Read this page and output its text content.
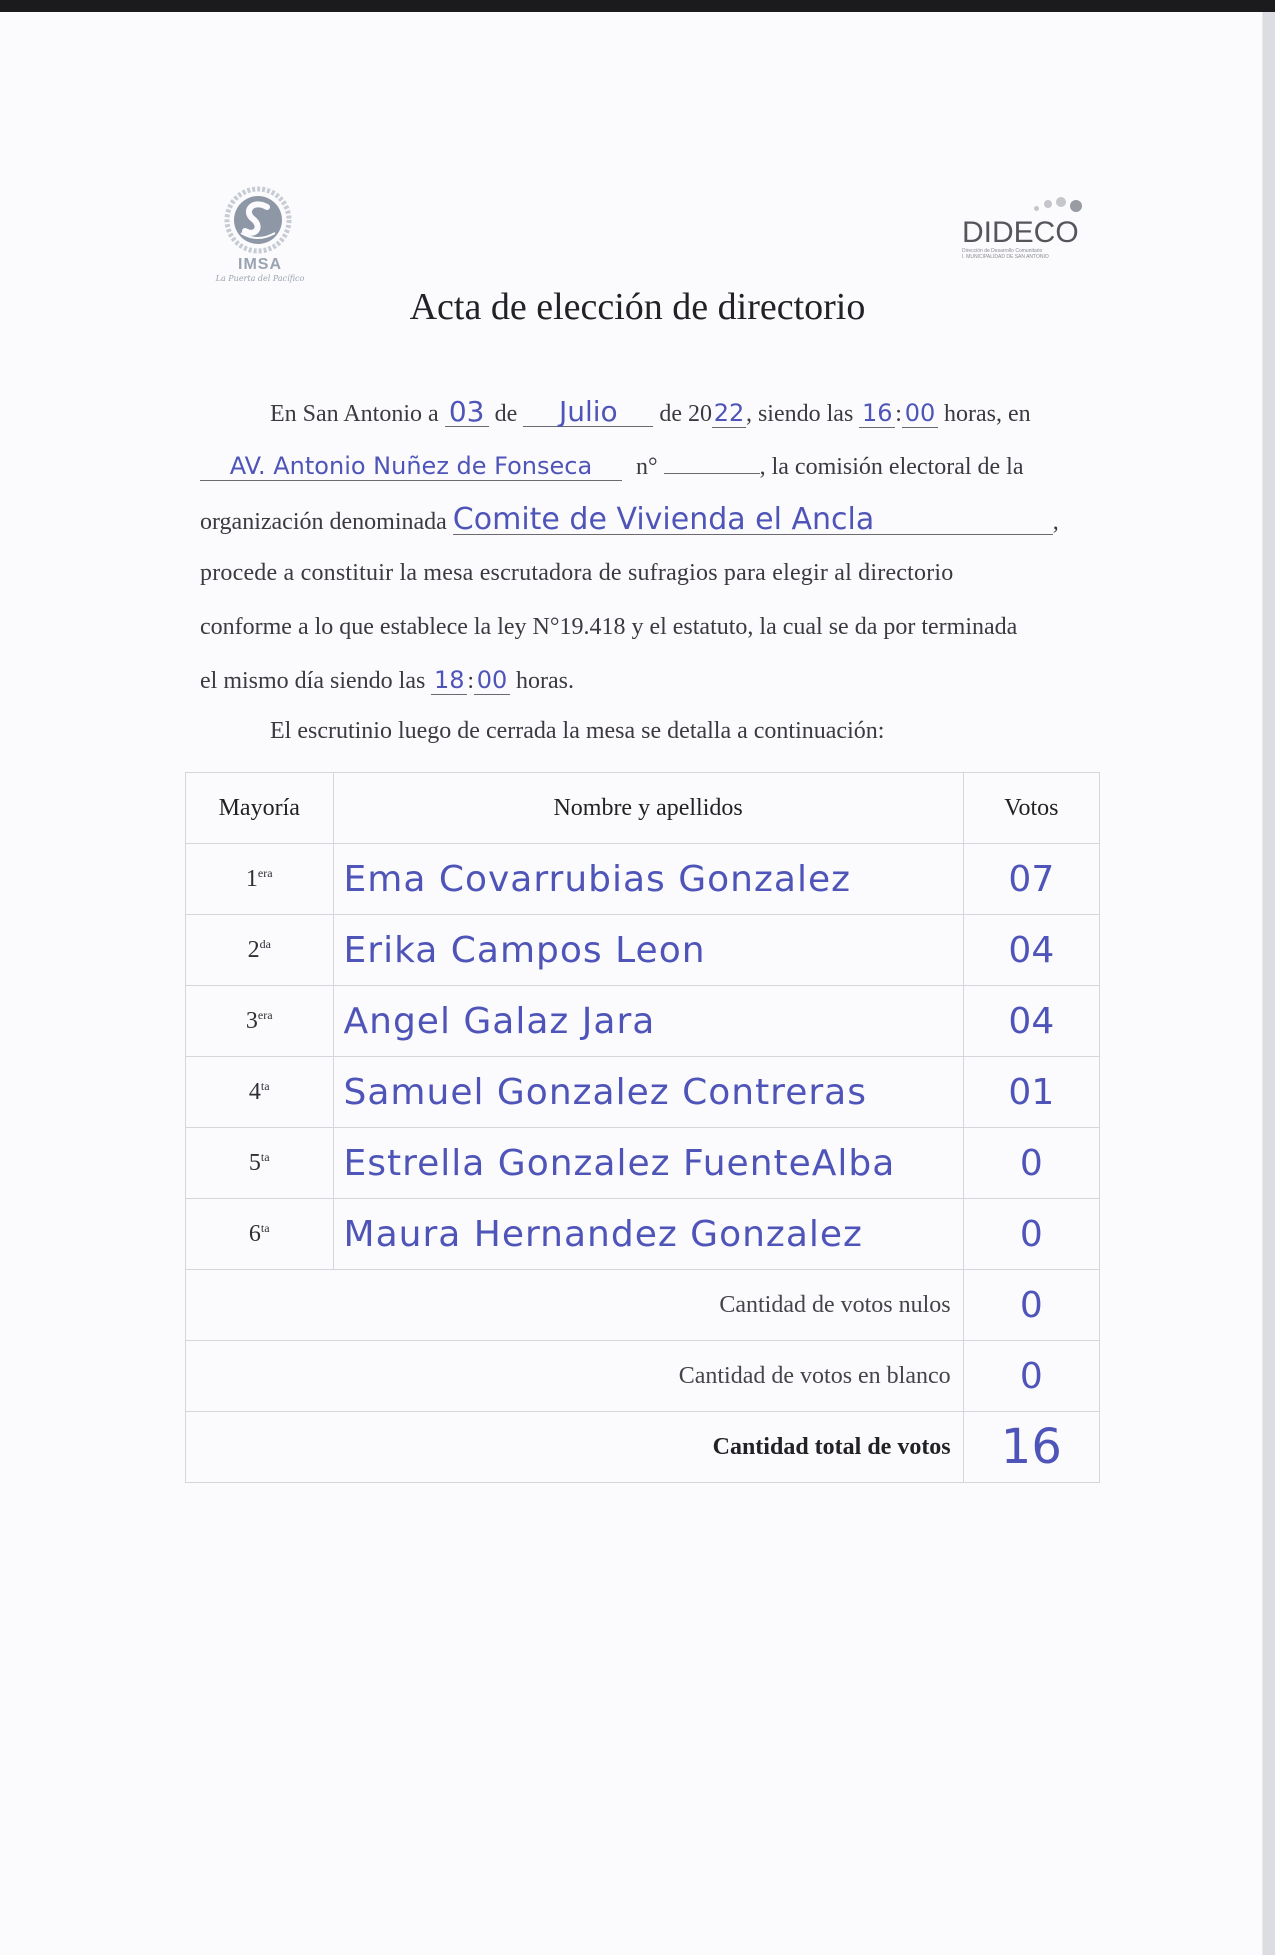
IMSA
La Puerta del Pacífico
DIDECO
Dirección de Desarrollo Comunitario
I. MUNICIPALIDAD DE SAN ANTONIO
Acta de elección de directorio
En San Antonio a 03 de Julio de 2022, siendo las 16 : 00 horas, en
AV. Antonio Nuñez de Fonseca n°	, la comisión electoral de la
organización denominada Comite de Vivienda el Ancla	,
procede a constituir la mesa escrutadora de sufragios para elegir al directorio
conforme a lo que establece la ley N°19.418 y el estatuto, la cual se da por terminada
el mismo día siendo las 18 : 00 horas.
El escrutinio luego de cerrada la mesa se detalla a continuación:
Mayoría	Nombre y apellidos	Votos
$1^{era}$	Ema Covarrubias Gonzalez	07
$2^{da}$	Erika Campos Leon	04
$3^{era}$	Angel Galaz Jara	04
$4^{ta}$	Samuel Gonzalez Contreras	01
$5^{ta}$	Estrella Gonzalez FuenteAlba	0
$6^{ta}$	Maura Hernandez Gonzalez	0
Cantidad de votos nulos		0
Cantidad de votos en blanco		0
Cantidad total de votos		16
